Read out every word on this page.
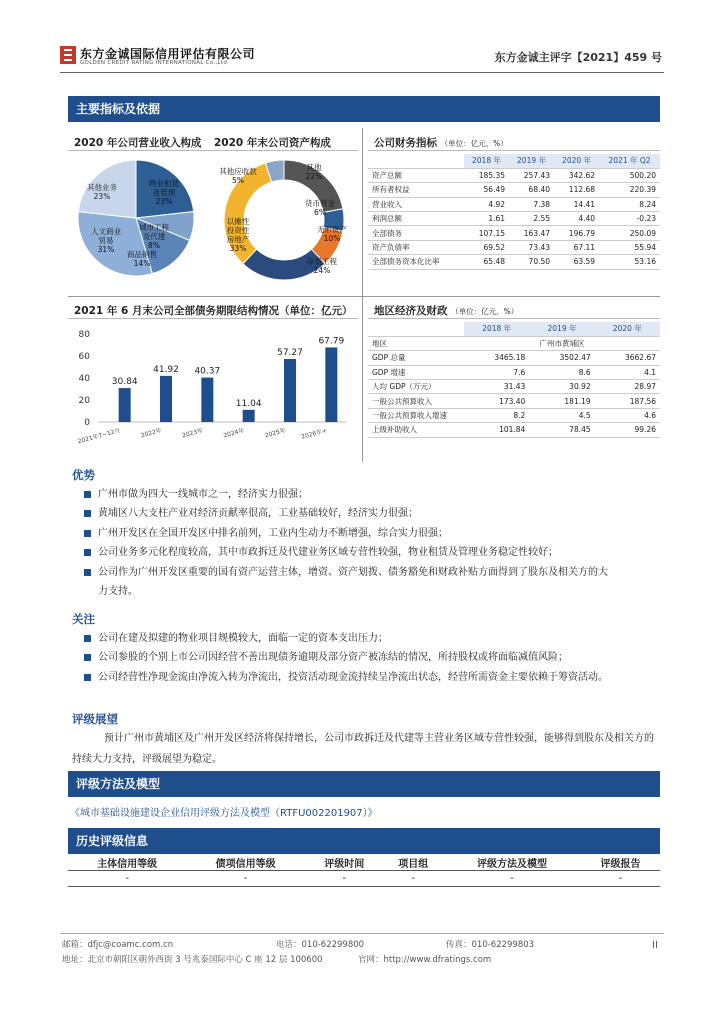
东方金诚国际信用评估有限公司
GOLDEN CREDIT RATING INTERNATIONAL Co.,Ltd	东方金诚主评字【2021】459 号
主要指标及依据
2020 年公司营业收入构成
物业租赁及管理 23%
城市工程及代建 8%
商品销售 14%
人文商业贸易 31%
其他业务 23%
2020 年末公司资产构成
其他 22%
货币资金 6%
无形资产 10%
存货工程 24%
以摊性投资性房地产 33%
其他应收款 5%
公司财务指标 （单位：亿元、%）
	2018 年	2019 年	2020 年	2021 年 Q2
资产总额	185.35	257.43	342.62	500.20
所有者权益	56.49	68.40	112.68	220.39
营业收入	4.92	7.38	14.41	8.24
利润总额	1.61	2.55	4.40	-0.23
全部债务	107.15	163.47	196.79	250.09
资产负债率	69.52	73.43	67.11	55.94
全部债务资本化比率	65.48	70.50	63.59	53.16
2021 年 6 月末公司全部债务期限结构情况（单位：亿元）
0
20
40
60
80
30.84
2021年7~12月
41.92
2022年
40.37
2023年
11.04
2024年
57.27
2025年
67.79
2026年+
地区经济及财政 （单位：亿元、%）
	2018 年	2019 年	2020 年
地区	广州市黄埔区		
GDP 总量	3465.18	3502.47	3662.67
GDP 增速	7.6	8.6	4.1
人均 GDP（万元）	31.43	30.92	28.97
一般公共预算收入	173.40	181.19	187.56
一般公共预算收入增速	8.2	4.5	4.6
上级补助收入	101.84	78.45	99.26
优势
广州市做为四大一线城市之一，经济实力很强；
黄埔区八大支柱产业对经济贡献率很高，工业基础较好，经济实力很强；
广州开发区在全国开发区中排名前列，工业内生动力不断增强，综合实力很强；
公司业务多元化程度较高，其中市政拆迁及代建业务区域专营性较强，物业租赁及管理业务稳定性较好；
公司作为广州开发区重要的国有资产运营主体，增资、资产划拨、债务豁免和财政补贴方面得到了股东及相关方的大
力支持。
关注
公司在建及拟建的物业项目规模较大，面临一定的资本支出压力；
公司参股的个别上市公司因经营不善出现债务逾期及部分资产被冻结的情况，所持股权或将面临减值风险；
公司经营性净现金流由净流入转为净流出，投资活动现金流持续呈净流出状态，经营所需资金主要依赖于筹资活动。
评级展望
预计广州市黄埔区及广州开发区经济将保持增长，公司市政拆迁及代建等主营业务区域专营性较强，能够得到股东及相关方的持续大力支持，评级展望为稳定。
评级方法及模型
《城市基础设施建设企业信用评级方法及模型（RTFU002201907）》
历史评级信息
主体信用等级	债项信用等级	评级时间	项目组	评级方法及模型	评级报告
-	-	-	-	-	-
邮箱：dfjc@coamc.com.cn	电话：010-62299800	传真：010-62299803
地址：北京市朝阳区朝外西街 3 号兆泰国际中心 C 座 12 层 100600	官网：http://www.dfratings.com
II
